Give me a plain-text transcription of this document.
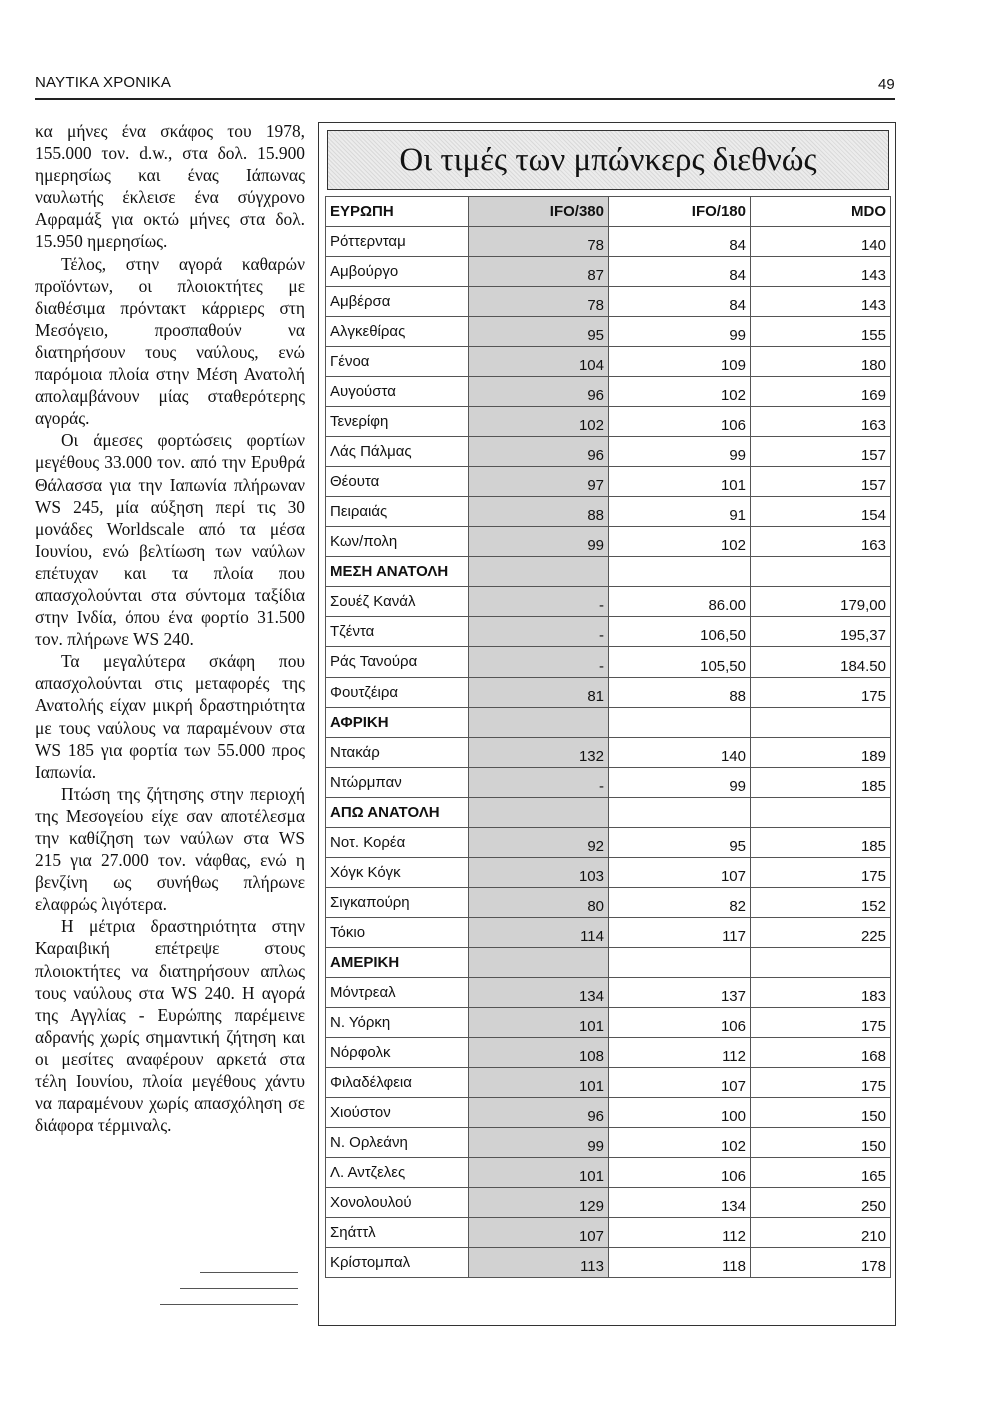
ΝΑΥΤΙΚΑ ΧΡΟΝΙΚΑ	49

κα μήνες ένα σκάφος του 1978, 155.000 τον. d.w., στα δολ. 15.900 ημερησίως και ένας Ιάπωνας ναυλωτής έκλεισε ένα σύγχρονο Αφραμάξ για οκτώ μήνες στα δολ. 15.950 ημερησίως.

Τέλος, στην αγορά καθαρών προϊόντων, οι πλοιοκτήτες με διαθέσιμα πρόντακτ κάρριερς στη Μεσόγειο, προσπαθούν να διατηρήσουν τους ναύλους, ενώ παρόμοια πλοία στην Μέση Ανατολή απολαμβάνουν μίας σταθερότερης αγοράς.

Οι άμεσες φορτώσεις φορτίων μεγέθους 33.000 τον. από την Ερυθρά Θάλασσα για την Ιαπωνία πλήρωναν WS 245, μία αύξηση περί τις 30 μονάδες Worldscale από τα μέσα Ιουνίου, ενώ βελτίωση των ναύλων επέτυχαν και τα πλοία που απασχολούνται στα σύντομα ταξίδια στην Ινδία, όπου ένα φορτίο 31.500 τον. πλήρωνε WS 240.

Τα μεγαλύτερα σκάφη που απασχολούνται στις μεταφορές της Ανατολής είχαν μικρή δραστηριότητα με τους ναύλους να παραμένουν στα WS 185 για φορτία των 55.000 προς Ιαπωνία.

Πτώση της ζήτησης στην περιοχή της Μεσογείου είχε σαν αποτέλεσμα την καθίζηση των ναύλων στα WS 215 για 27.000 τον. νάφθας, ενώ η βενζίνη ως συνήθως πλήρωνε ελαφρώς λιγότερα.

Η μέτρια δραστηριότητα στην Καραιβική επέτρεψε στους πλοιοκτήτες να διατηρήσουν απλως τους ναύλους στα WS 240. Η αγορά της Αγγλίας - Ευρώπης παρέμεινε αδρανής χωρίς σημαντική ζήτηση και οι μεσίτες αναφέρουν αρκετά στα τέλη Ιουνίου, πλοία μεγέθους χάντυ να παραμένουν χωρίς απασχόληση σε διάφορα τέρμιναλς.

Οι τιμές των μπώνκερς διεθνώς
ΕΥΡΩΠΗ	IFO/380	IFO/180	MDO
Ρόττερνταμ	78	84	140
Αμβούργο	87	84	143
Αμβέρσα	78	84	143
Αλγκεθίρας	95	99	155
Γένοα	104	109	180
Αυγούστα	96	102	169
Τενερίφη	102	106	163
Λάς Πάλμας	96	99	157
Θέουτα	97	101	157
Πειραιάς	88	91	154
Κων/πολη	99	102	163
ΜΕΣΗ ΑΝΑΤΟΛΗ			
Σουέζ Κανάλ	-	86.00	179,00
Τζέντα	-	106,50	195,37
Ράς Τανούρα	-	105,50	184.50
Φουτζέιρα	81	88	175
ΑΦΡΙΚΗ			
Ντακάρ	132	140	189
Ντώρμπαν	-	99	185
ΑΠΩ ΑΝΑΤΟΛΗ			
Νοτ. Κορέα	92	95	185
Χόγκ Κόγκ	103	107	175
Σιγκαπούρη	80	82	152
Τόκιο	114	117	225
ΑΜΕΡΙΚΗ			
Μόντρεαλ	134	137	183
Ν. Υόρκη	101	106	175
Νόρφολκ	108	112	168
Φιλαδέλφεια	101	107	175
Χιούστον	96	100	150
Ν. Ορλεάνη	99	102	150
Λ. Αντζελες	101	106	165
Χονολουλού	129	134	250
Σηάττλ	107	112	210
Κρίστομπαλ	113	118	178
